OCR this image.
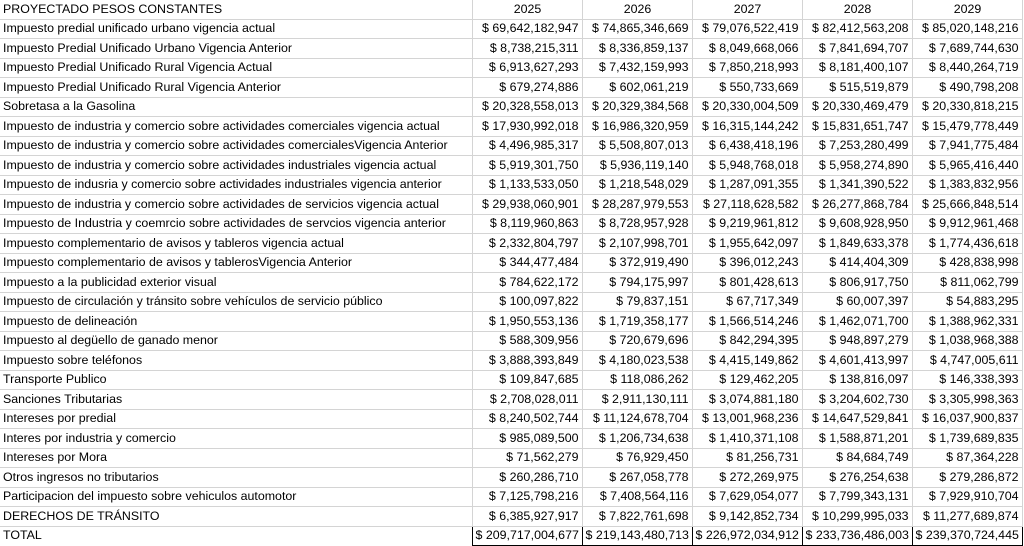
PROYECTADO PESOS CONSTANTES	2025	2026	2027	2028	2029
Impuesto predial unificado urbano vigencia actual	$ 69,642,182,947	$ 74,865,346,669	$ 79,076,522,419	$ 82,412,563,208	$ 85,020,148,216
Impuesto Predial Unificado Urbano Vigencia Anterior	$ 8,738,215,311	$ 8,336,859,137	$ 8,049,668,066	$ 7,841,694,707	$ 7,689,744,630
Impuesto Predial Unificado Rural Vigencia Actual	$ 6,913,627,293	$ 7,432,159,993	$ 7,850,218,993	$ 8,181,400,107	$ 8,440,264,719
Impuesto Predial Unificado Rural Vigencia Anterior	$ 679,274,886	$ 602,061,219	$ 550,733,669	$ 515,519,879	$ 490,798,208
Sobretasa a la Gasolina	$ 20,328,558,013	$ 20,329,384,568	$ 20,330,004,509	$ 20,330,469,479	$ 20,330,818,215
Impuesto de industria y comercio sobre actividades comerciales vigencia actual	$ 17,930,992,018	$ 16,986,320,959	$ 16,315,144,242	$ 15,831,651,747	$ 15,479,778,449
Impuesto de industria y comercio sobre actividades comercialesVigencia Anterior	$ 4,496,985,317	$ 5,508,807,013	$ 6,438,418,196	$ 7,253,280,499	$ 7,941,775,484
Impuesto de industria y comercio sobre actividades industriales vigencia actual	$ 5,919,301,750	$ 5,936,119,140	$ 5,948,768,018	$ 5,958,274,890	$ 5,965,416,440
Impuesto de indusria y comercio sobre actividades industriales vigencia anterior	$ 1,133,533,050	$ 1,218,548,029	$ 1,287,091,355	$ 1,341,390,522	$ 1,383,832,956
Impuesto de industria y comercio sobre actividades de servicios vigencia actual	$ 29,938,060,901	$ 28,287,979,553	$ 27,118,628,582	$ 26,277,868,784	$ 25,666,848,514
Impuesto de Industria y coemrcio sobre actividades de servcios vigencia anterior	$ 8,119,960,863	$ 8,728,957,928	$ 9,219,961,812	$ 9,608,928,950	$ 9,912,961,468
Impuesto complementario de avisos y tableros vigencia actual	$ 2,332,804,797	$ 2,107,998,701	$ 1,955,642,097	$ 1,849,633,378	$ 1,774,436,618
Impuesto complementario de avisos y tablerosVigencia Anterior	$ 344,477,484	$ 372,919,490	$ 396,012,243	$ 414,404,309	$ 428,838,998
Impuesto a la publicidad exterior visual	$ 784,622,172	$ 794,175,997	$ 801,428,613	$ 806,917,750	$ 811,062,799
Impuesto de circulación y tránsito sobre vehículos de servicio público	$ 100,097,822	$ 79,837,151	$ 67,717,349	$ 60,007,397	$ 54,883,295
Impuesto de delineación	$ 1,950,553,136	$ 1,719,358,177	$ 1,566,514,246	$ 1,462,071,700	$ 1,388,962,331
Impuesto al degüello de ganado menor	$ 588,309,956	$ 720,679,696	$ 842,294,395	$ 948,897,279	$ 1,038,968,388
Impuesto sobre teléfonos	$ 3,888,393,849	$ 4,180,023,538	$ 4,415,149,862	$ 4,601,413,997	$ 4,747,005,611
Transporte Publico	$ 109,847,685	$ 118,086,262	$ 129,462,205	$ 138,816,097	$ 146,338,393
Sanciones Tributarias	$ 2,708,028,011	$ 2,911,130,111	$ 3,074,881,180	$ 3,204,602,730	$ 3,305,998,363
Intereses por predial	$ 8,240,502,744	$ 11,124,678,704	$ 13,001,968,236	$ 14,647,529,841	$ 16,037,900,837
Interes por industria y comercio	$ 985,089,500	$ 1,206,734,638	$ 1,410,371,108	$ 1,588,871,201	$ 1,739,689,835
Intereses por Mora	$ 71,562,279	$ 76,929,450	$ 81,256,731	$ 84,684,749	$ 87,364,228
Otros ingresos no tributarios	$ 260,286,710	$ 267,058,778	$ 272,269,975	$ 276,254,638	$ 279,286,872
Participacion del impuesto sobre vehiculos automotor	$ 7,125,798,216	$ 7,408,564,116	$ 7,629,054,077	$ 7,799,343,131	$ 7,929,910,704
DERECHOS DE TRÁNSITO	$ 6,385,927,917	$ 7,822,761,698	$ 9,142,852,734	$ 10,299,995,033	$ 11,277,689,874
TOTAL	$ 209,717,004,677	$ 219,143,480,713	$ 226,972,034,912	$ 233,736,486,003	$ 239,370,724,445
